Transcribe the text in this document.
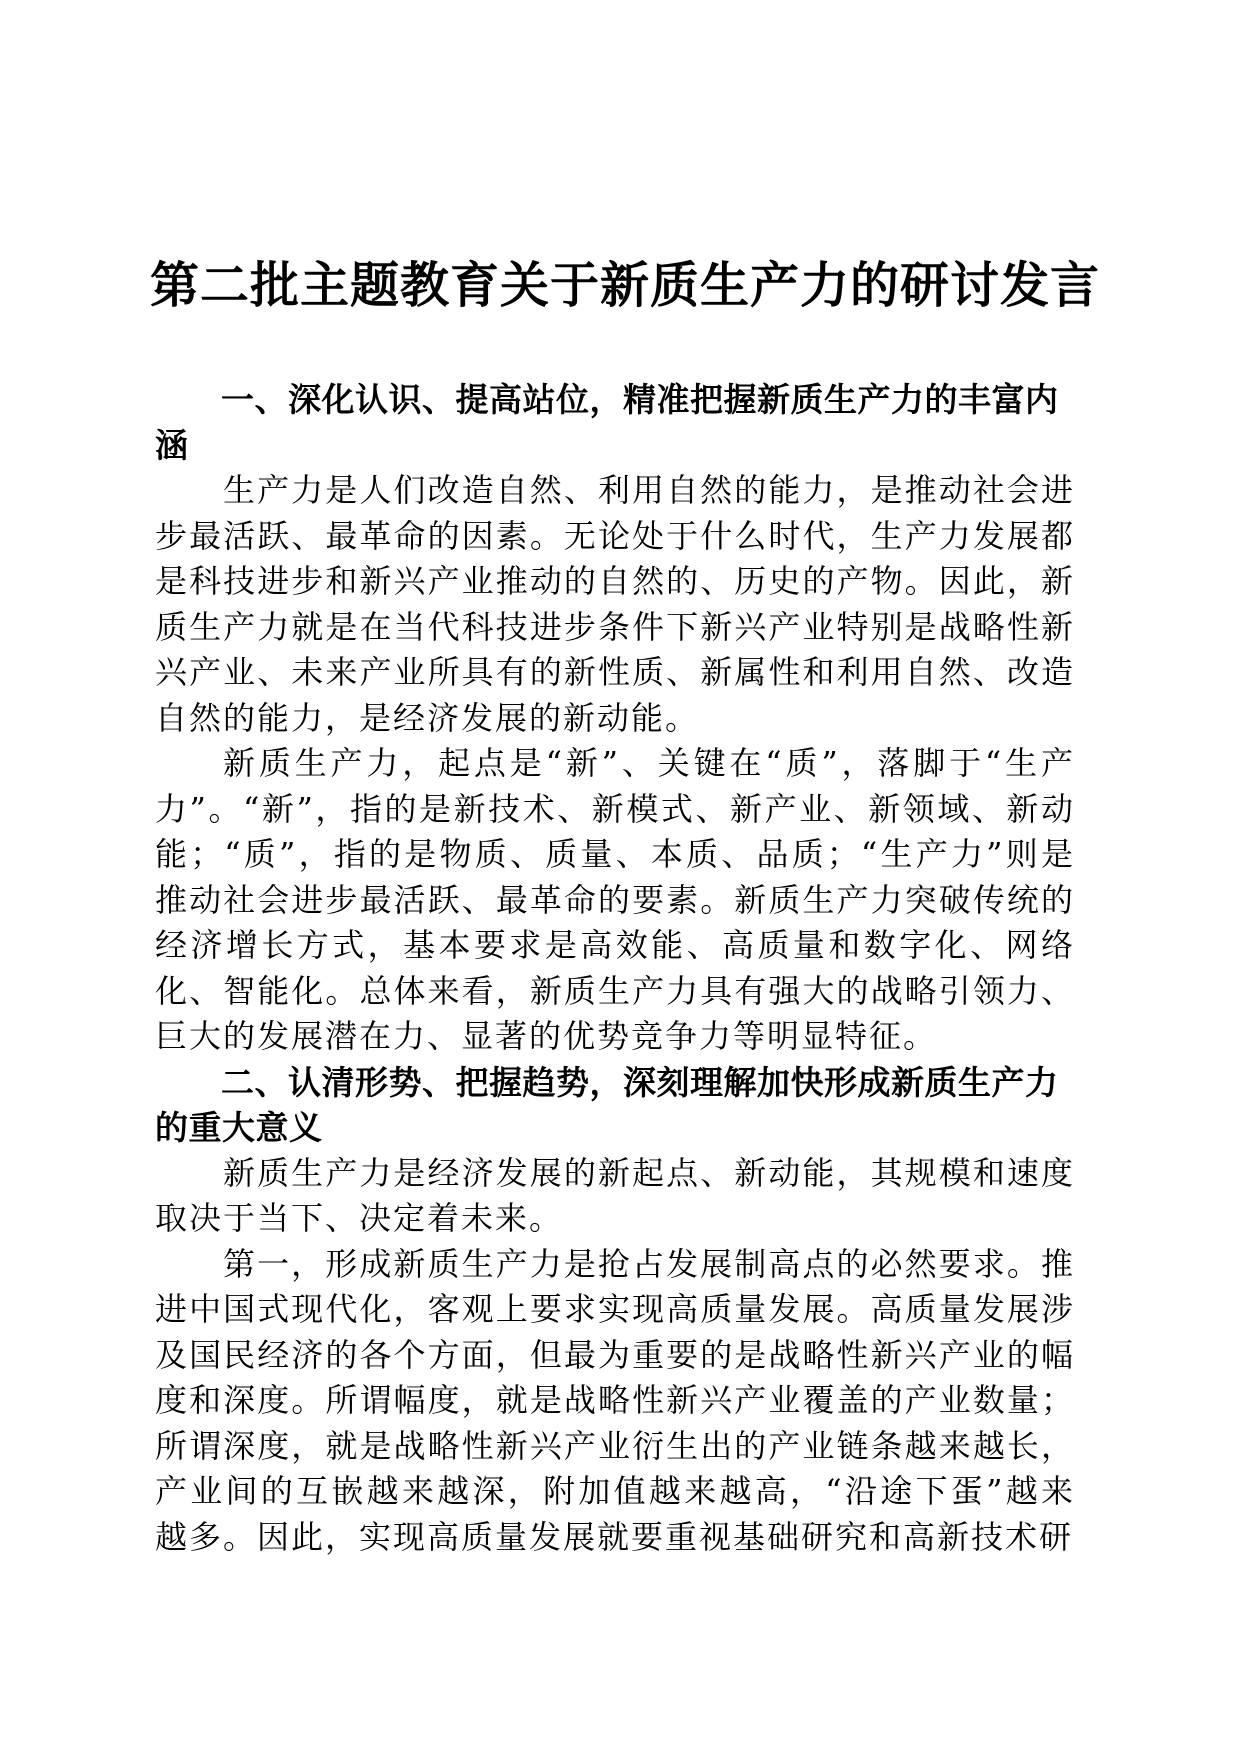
第二批主题教育关于新质生产力的研讨发言
一、深化认识、提高站位，精准把握新质生产力的丰富内涵

生产力是人们改造自然、利用自然的能力，是推动社会进步最活跃、最革命的因素。无论处于什么时代，生产力发展都是科技进步和新兴产业推动的自然的、历史的产物。因此，新质生产力就是在当代科技进步条件下新兴产业特别是战略性新兴产业、未来产业所具有的新性质、新属性和利用自然、改造自然的能力，是经济发展的新动能。

新质生产力，起点是“新”、关键在“质”，落脚于“生产力”。“新”，指的是新技术、新模式、新产业、新领域、新动能；“质”，指的是物质、质量、本质、品质；“生产力”则是推动社会进步最活跃、最革命的要素。新质生产力突破传统的经济增长方式，基本要求是高效能、高质量和数字化、网络化、智能化。总体来看，新质生产力具有强大的战略引领力、巨大的发展潜在力、显著的优势竞争力等明显特征。

二、认清形势、把握趋势，深刻理解加快形成新质生产力的重大意义

新质生产力是经济发展的新起点、新动能，其规模和速度取决于当下、决定着未来。

第一，形成新质生产力是抢占发展制高点的必然要求。推进中国式现代化，客观上要求实现高质量发展。高质量发展涉及国民经济的各个方面，但最为重要的是战略性新兴产业的幅度和深度。所谓幅度，就是战略性新兴产业覆盖的产业数量；所谓深度，就是战略性新兴产业衍生出的产业链条越来越长，产业间的互嵌越来越深，附加值越来越高，“沿途下蛋”越来越多。因此，实现高质量发展就要重视基础研究和高新技术研
